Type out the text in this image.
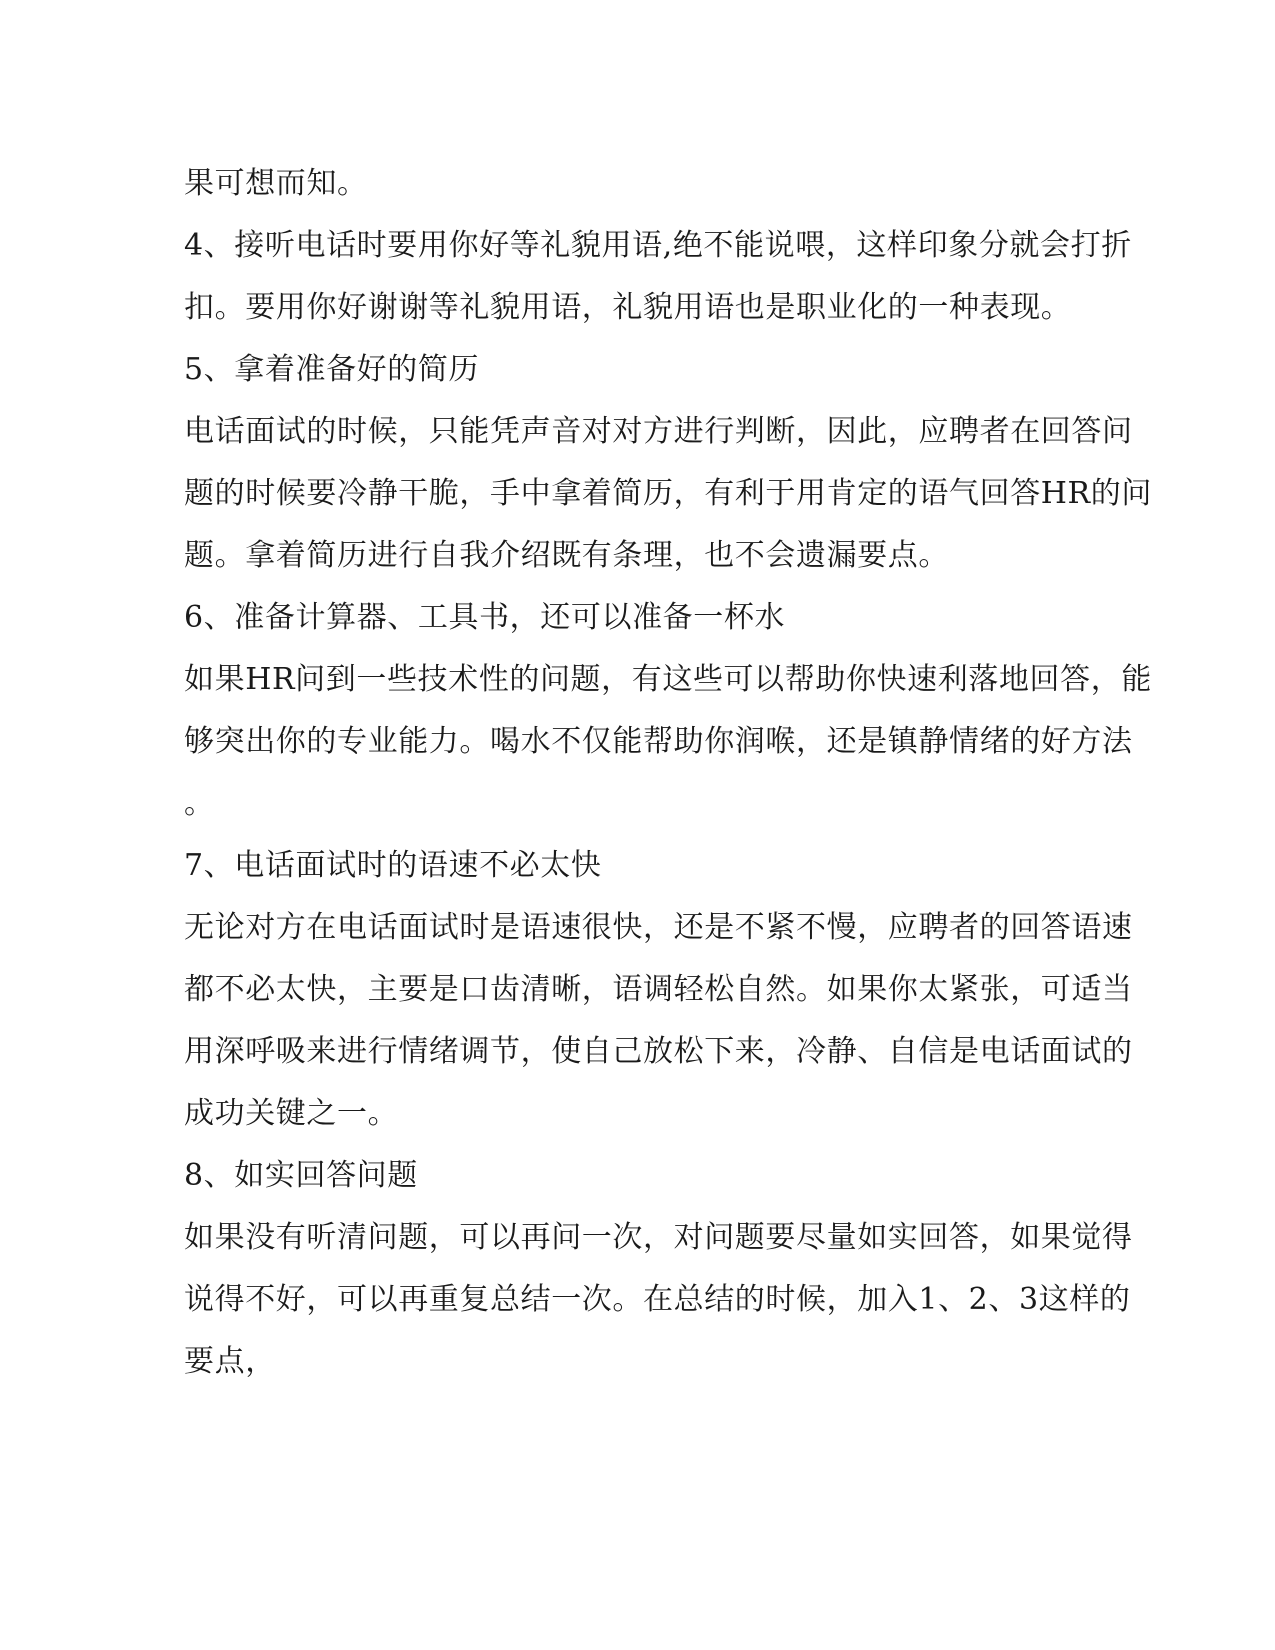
果可想而知。
4、接听电话时要用你好等礼貌用语,绝不能说喂，这样印象分就会打折
扣。要用你好谢谢等礼貌用语，礼貌用语也是职业化的一种表现。
5、拿着准备好的简历
电话面试的时候，只能凭声音对对方进行判断，因此，应聘者在回答问
题的时候要冷静干脆，手中拿着简历，有利于用肯定的语气回答HR的问
题。拿着简历进行自我介绍既有条理，也不会遗漏要点。
6、准备计算器、工具书，还可以准备一杯水
如果HR问到一些技术性的问题，有这些可以帮助你快速利落地回答，能
够突出你的专业能力。喝水不仅能帮助你润喉，还是镇静情绪的好方法
。
7、电话面试时的语速不必太快
无论对方在电话面试时是语速很快，还是不紧不慢，应聘者的回答语速
都不必太快，主要是口齿清晰，语调轻松自然。如果你太紧张，可适当
用深呼吸来进行情绪调节，使自己放松下来，冷静、自信是电话面试的
成功关键之一。
8、如实回答问题
如果没有听清问题，可以再问一次，对问题要尽量如实回答，如果觉得
说得不好，可以再重复总结一次。在总结的时候，加入1、2、3这样的
要点，
